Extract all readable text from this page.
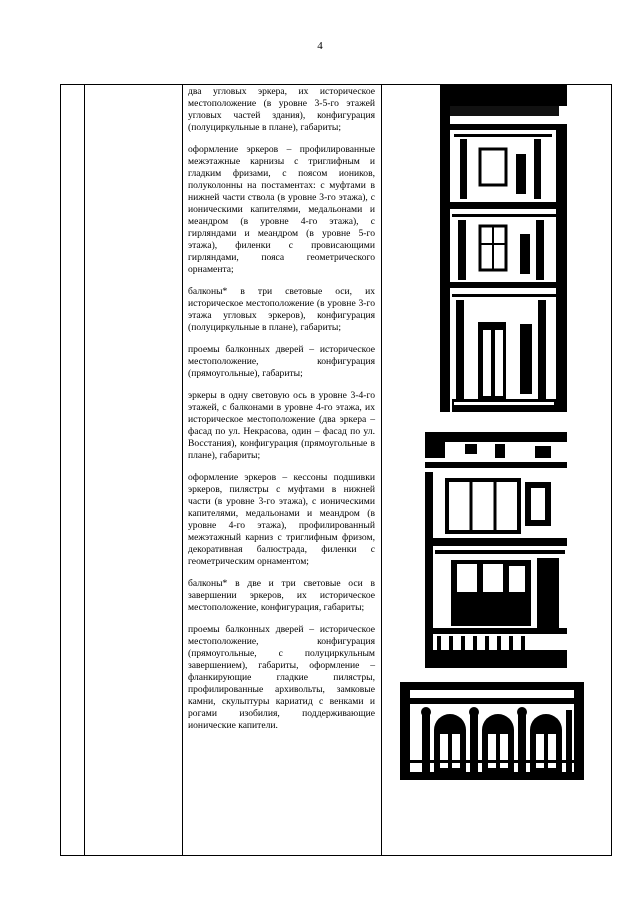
4

два угловых эркера, их историческое местоположение (в уровне 3-5-го этажей угловых частей здания), конфигурация (полуциркульные в плане), габариты;

оформление эркеров – профилированные межэтажные карнизы с триглифным и гладким фризами, с поясом иоников, полуколонны на постаментах: с муфтами в нижней части ствола (в уровне 3-го этажа), с ионическими капителями, медальонами и меандром (в уровне 4-го этажа), с гирляндами и меандром (в уровне 5-го этажа), филенки с провисающими гирляндами, пояса геометрического орнамента;

балконы* в три световые оси, их историческое местоположение (в уровне 3-го этажа угловых эркеров), конфигурация (полуциркульные в плане), габариты;

проемы балконных дверей – историческое местоположение, конфигурация (прямоугольные), габариты;

эркеры в одну световую ось в уровне 3-4-го этажей, с балконами в уровне 4-го этажа, их историческое местоположение (два эркера – фасад по ул. Некрасова, один – фасад по ул. Восстания), конфигурация (прямоугольные в плане), габариты;

оформление эркеров – кессоны подшивки эркеров, пилястры с муфтами в нижней части (в уровне 3-го этажа), с ионическими капителями, медальонами и меандром (в уровне 4-го этажа), профилированный межэтажный карниз с триглифным фризом, декоративная балюстрада, филенки с геометрическим орнаментом;

балконы* в две и три световые оси в завершении эркеров, их историческое местоположение, конфигурация, габариты;

проемы балконных дверей – историческое местоположение, конфигурация (прямоугольные, с полуциркульным завершением), габариты, оформление – фланкирующие гладкие пилястры, профилированные архивольты, замковые камни, скульптуры кариатид с венками и рогами изобилия, поддерживающие ионические капители.
